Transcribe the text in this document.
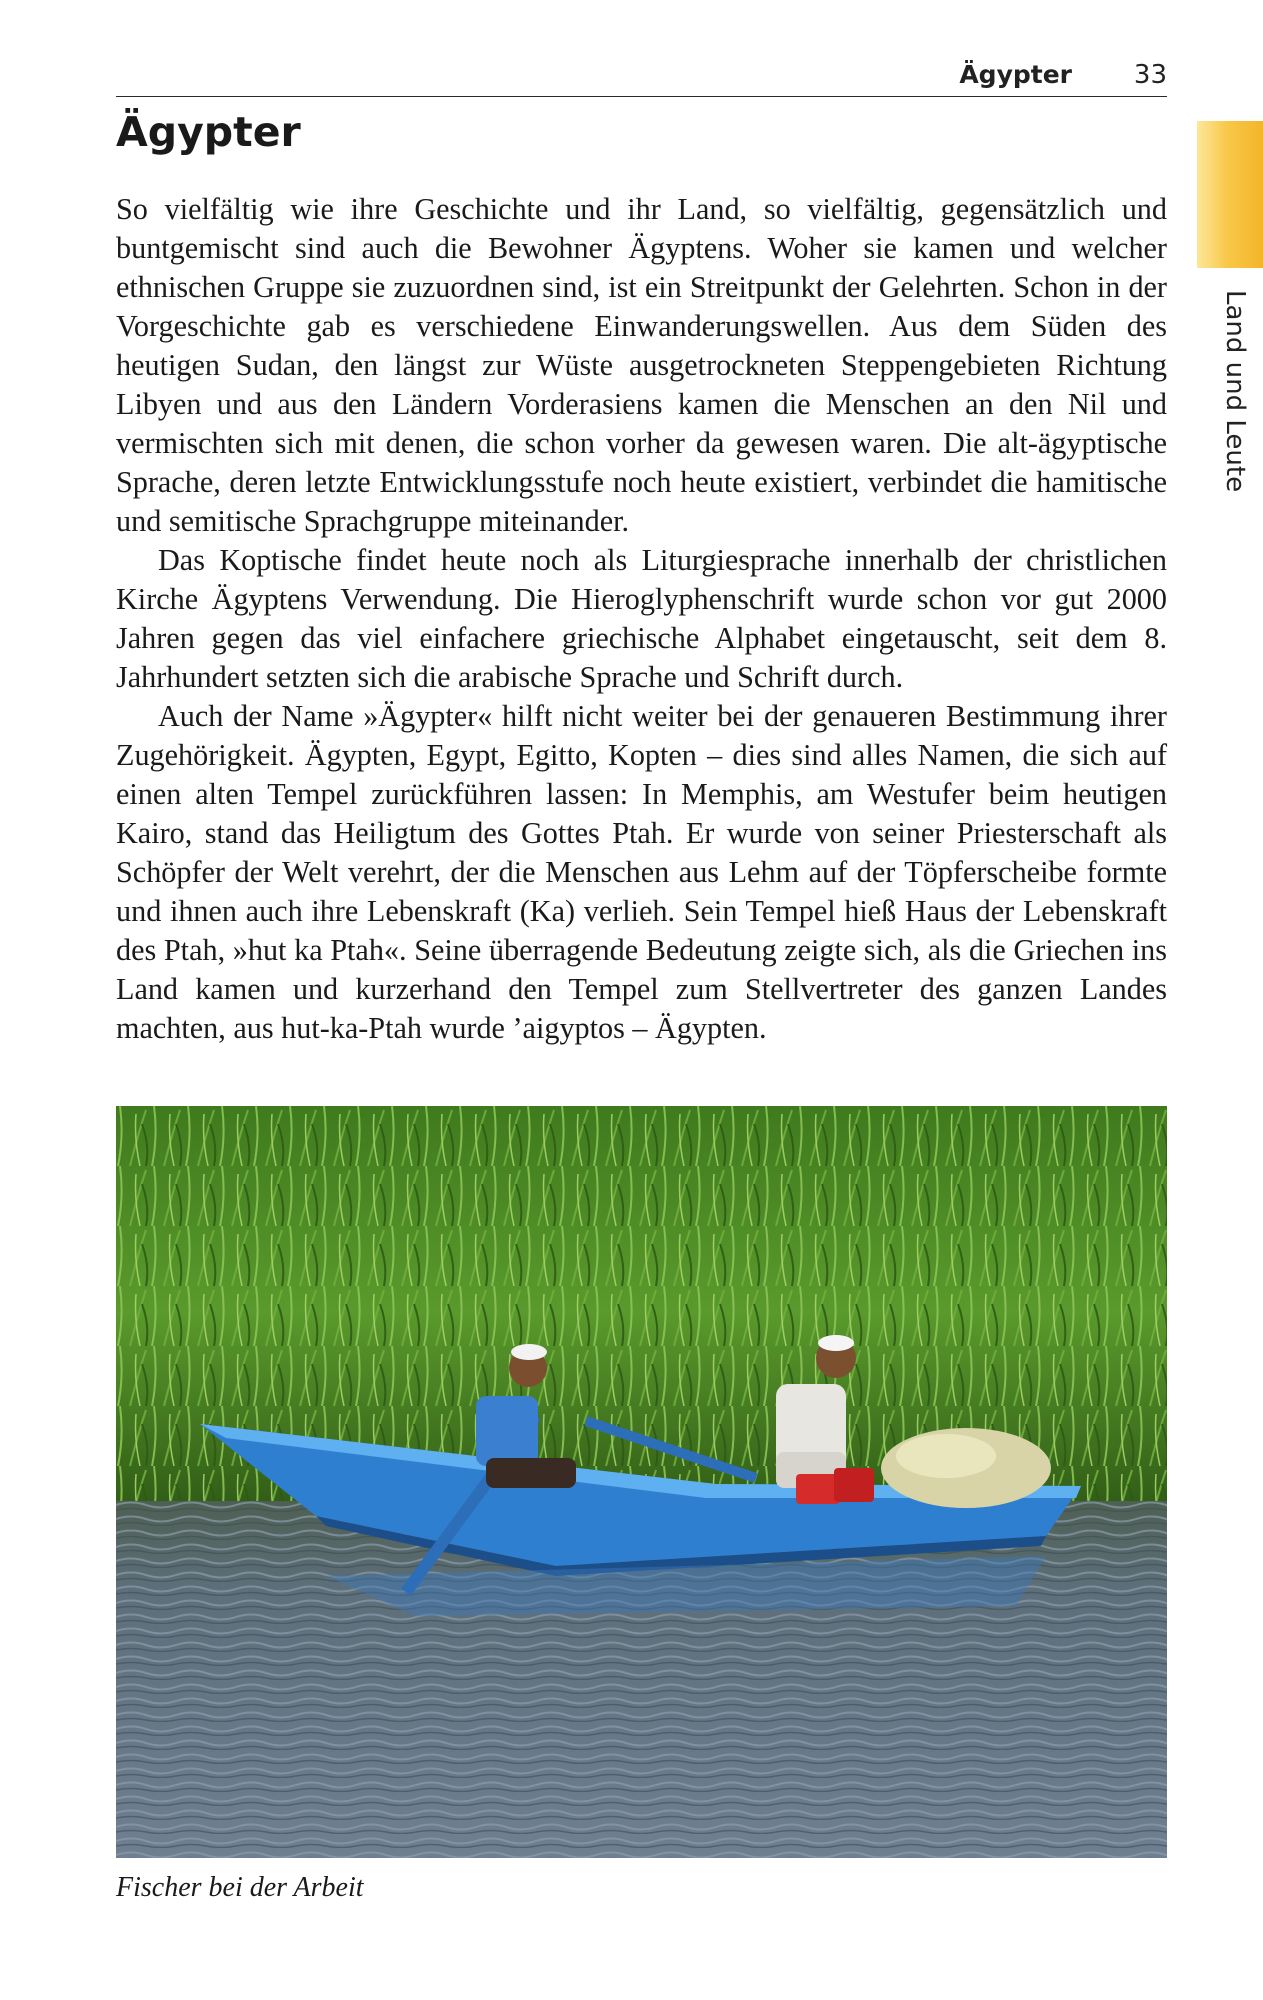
Ägypter 33
Land und Leute
Ägypter

So vielfältig wie ihre Geschichte und ihr Land, so vielfältig, gegensätzlich und buntgemischt sind auch die Bewohner Ägyptens. Woher sie kamen und welcher ethnischen Gruppe sie zuzuordnen sind, ist ein Streitpunkt der Gelehrten. Schon in der Vorgeschichte gab es verschiedene Einwanderungswellen. Aus dem Süden des heutigen Sudan, den längst zur Wüste ausgetrockneten Steppengebieten Richtung Libyen und aus den Ländern Vorderasiens kamen die Menschen an den Nil und vermischten sich mit denen, die schon vorher da gewesen waren. Die alt-ägyptische Sprache, deren letzte Entwicklungsstufe noch heute existiert, verbindet die hamitische und semitische Sprachgruppe miteinander.

Das Koptische findet heute noch als Liturgiesprache innerhalb der christlichen Kirche Ägyptens Verwendung. Die Hieroglyphenschrift wurde schon vor gut 2000 Jahren gegen das viel einfachere griechische Alphabet eingetauscht, seit dem 8. Jahrhundert setzten sich die arabische Sprache und Schrift durch.

Auch der Name »Ägypter« hilft nicht weiter bei der genaueren Bestimmung ihrer Zugehörigkeit. Ägypten, Egypt, Egitto, Kopten – dies sind alles Namen, die sich auf einen alten Tempel zurückführen lassen: In Memphis, am Westufer beim heutigen Kairo, stand das Heiligtum des Gottes Ptah. Er wurde von seiner Priesterschaft als Schöpfer der Welt verehrt, der die Menschen aus Lehm auf der Töpferscheibe formte und ihnen auch ihre Lebenskraft (Ka) verlieh. Sein Tempel hieß Haus der Lebenskraft des Ptah, »hut ka Ptah«. Seine überragende Bedeutung zeigte sich, als die Griechen ins Land kamen und kurzerhand den Tempel zum Stellvertreter des ganzen Landes machten, aus hut-ka-Ptah wurde ’aigyptos – Ägypten.

Fischer bei der Arbeit
